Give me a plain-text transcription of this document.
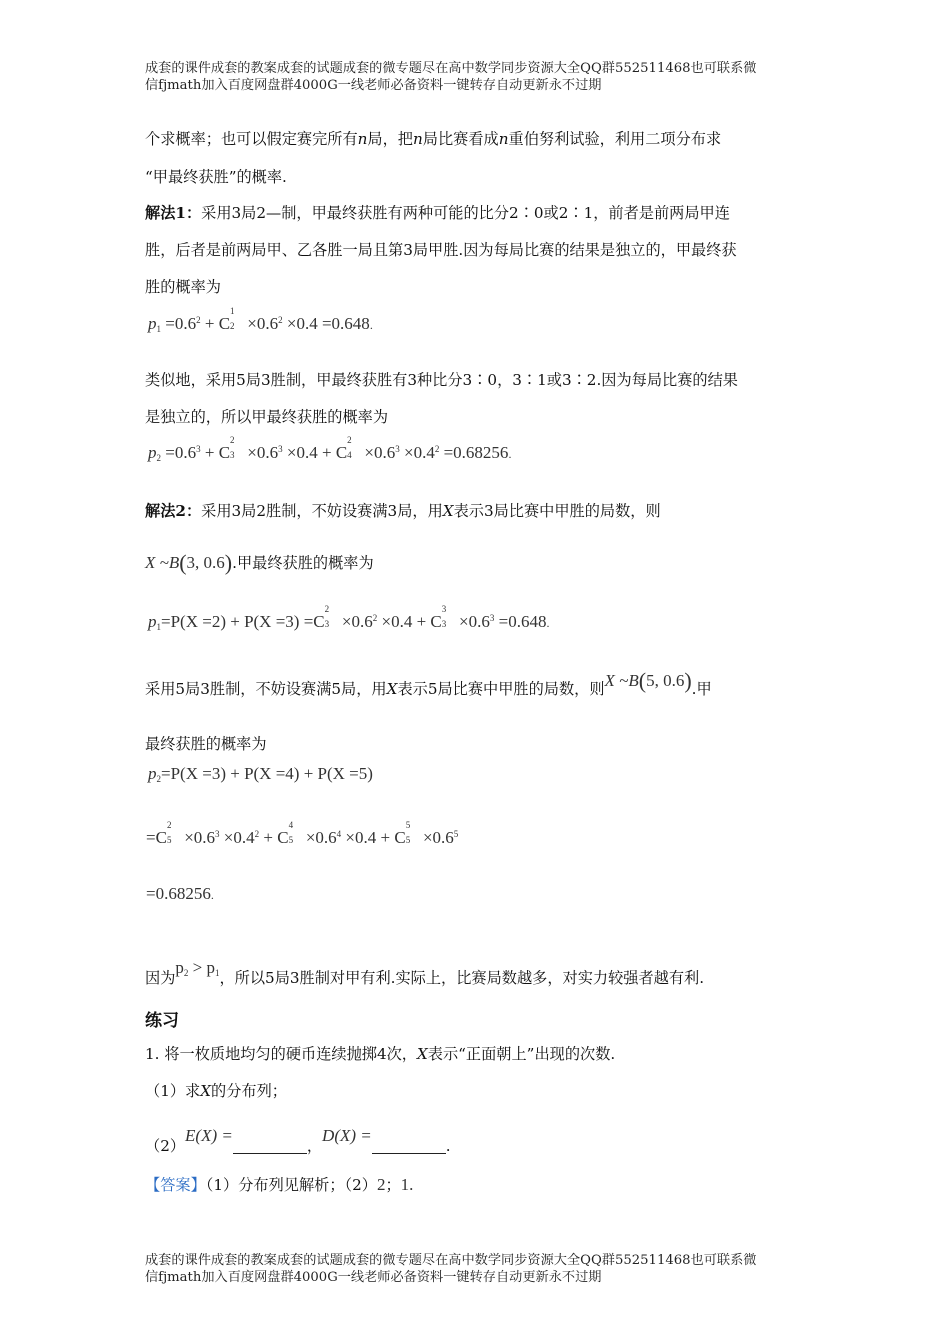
成套的课件成套的教案成套的试题成套的微专题尽在高中数学同步资源大全QQ群552511468也可联系微
信fjmath加入百度网盘群4000G一线老师必备资料一键转存自动更新永不过期
个求概率；也可以假定赛完所有n局，把n局比赛看成n重伯努利试验，利用二项分布求
“甲最终获胜”的概率.
解法1：采用3局2—制，甲最终获胜有两种可能的比分2∶0或2∶1，前者是前两局甲连
胜，后者是前两局甲、乙各胜一局且第3局甲胜.因为每局比赛的结果是独立的，甲最终获
胜的概率为
$p_1 =0.6^2 + C$
1
$2 \times 0.6^2 \times 0.4 =0.648$.
类似地，采用5局3胜制，甲最终获胜有3种比分3∶0，3∶1或3∶2.因为每局比赛的结果
是独立的，所以甲最终获胜的概率为
$p_2 =0.6^3 + C$
2
$3 \times 0.6^3 \times 0.4 + C$
2
$4 \times 0.6^3 \times 0.4^2 =0.68256$.
解法2：采用3局2胜制，不妨设赛满3局，用X表示3局比赛中甲胜的局数，则
X ~B(3, 0.6).甲最终获胜的概率为
$p_1=P(X =2) + P(X =3) =C$
2
$3 \times 0.6^2 \times 0.4 + C$
3
$3 \times 0.6^3 =0.648$.
采用5局3胜制，不妨设赛满5局，用X表示5局比赛中甲胜的局数，则X ~B(5, 0.6).甲
最终获胜的概率为
$p_2=P(X =3) + P(X =4) + P(X =5)$
=C
2
$5 \times 0.6^3 \times 0.4^2 + C$
4
$5 \times 0.6^4 \times 0.4 + C$
5
$5 \times 0.6^5$
=0.68256.
因为$p_2 > p_1$，所以5局3胜制对甲有利.实际上，比赛局数越多，对实力较强者越有利.
练习
1. 将一枚质地均匀的硬币连续抛掷4次，X表示“正面朝上”出现的次数.
（1）求X的分布列；
（2）E(X) =，D(X) =.
【答案】（1）分布列见解析；（2）2；1.
成套的课件成套的教案成套的试题成套的微专题尽在高中数学同步资源大全QQ群552511468也可联系微
信fjmath加入百度网盘群4000G一线老师必备资料一键转存自动更新永不过期
